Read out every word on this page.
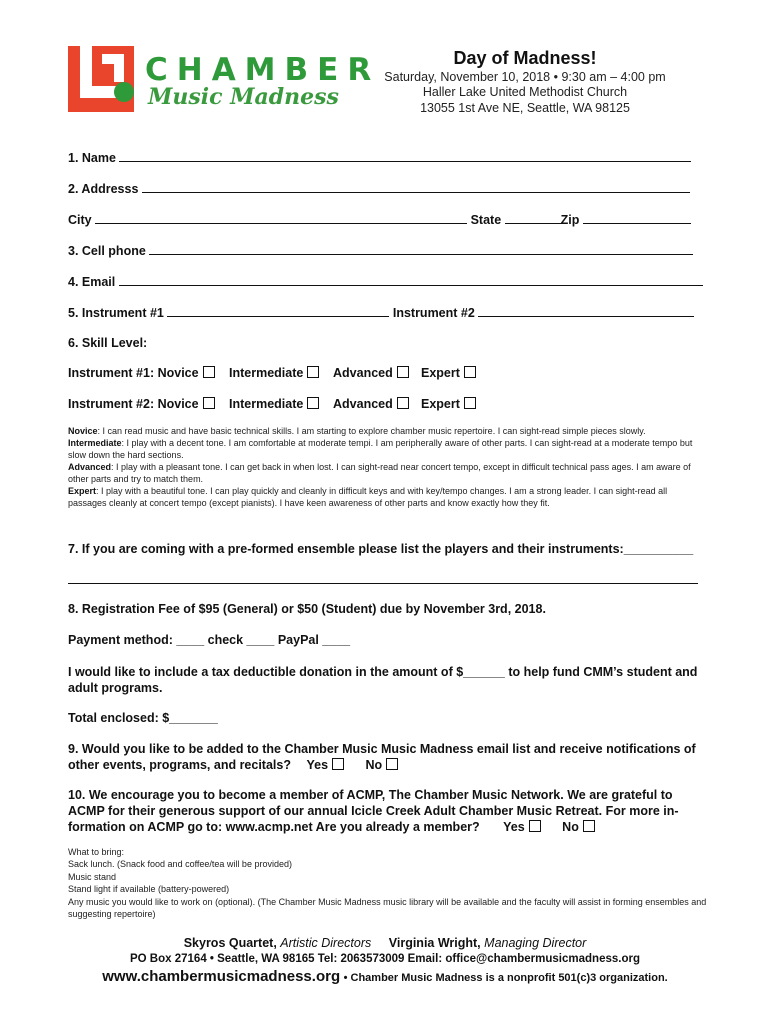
CHAMBER
Music Madness
Day of Madness!
Saturday, November 10, 2018 • 9:30 am – 4:00 pm
Haller Lake United Methodist Church
13055 1st Ave NE, Seattle, WA 98125
1. Name
2. Addresss
City	State	Zip
3. Cell phone
4. Email
5. Instrument #1	Instrument #2
6. Skill Level:
Instrument #1: Novice	Intermediate	Advanced	Expert
Instrument #2: Novice	Intermediate	Advanced	Expert
Novice: I can read music and have basic technical skills. I am starting to explore chamber music repertoire. I can sight-read simple pieces slowly.
Intermediate: I play with a decent tone. I am comfortable at moderate tempi. I am peripherally aware of other parts. I can sight-read at a moderate tempo but slow down the hard sections.
Advanced: I play with a pleasant tone. I can get back in when lost. I can sight-read near concert tempo, except in difficult technical pass ages. I am aware of other parts and try to match them.
Expert: I play with a beautiful tone. I can play quickly and cleanly in difficult keys and with key/tempo changes. I am a strong leader. I can sight-read all passages cleanly at concert tempo (except pianists). I have keen awareness of other parts and know exactly how they fit.
7. If you are coming with a pre-formed ensemble please list the players and their instruments:__________
8. Registration Fee of $95 (General) or $50 (Student) due by November 3rd, 2018.
Payment method: ____ check ____ PayPal ____
I would like to include a tax deductible donation in the amount of $______ to help fund CMM’s student and adult programs.
Total enclosed: $_______
9. Would you like to be added to the Chamber Music Music Madness email list and receive notifications of other events, programs, and recitals? Yes	No
10. We encourage you to become a member of ACMP, The Chamber Music Network. We are grateful to ACMP for their generous support of our annual Icicle Creek Adult Chamber Music Retreat. For more in-formation on ACMP go to: www.acmp.net Are you already a member? Yes	No
What to bring:
Sack lunch. (Snack food and coffee/tea will be provided)
Music stand
Stand light if available (battery-powered)
Any music you would like to work on (optional). (The Chamber Music Madness music library will be available and the faculty will assist in forming ensembles and suggesting repertoire)
Skyros Quartet, Artistic Directors Virginia Wright, Managing Director
PO Box 27164 • Seattle, WA 98165 Tel: 2063573009 Email: office@chambermusicmadness.org
www.chambermusicmadness.org • Chamber Music Madness is a nonprofit 501(c)3 organization.
